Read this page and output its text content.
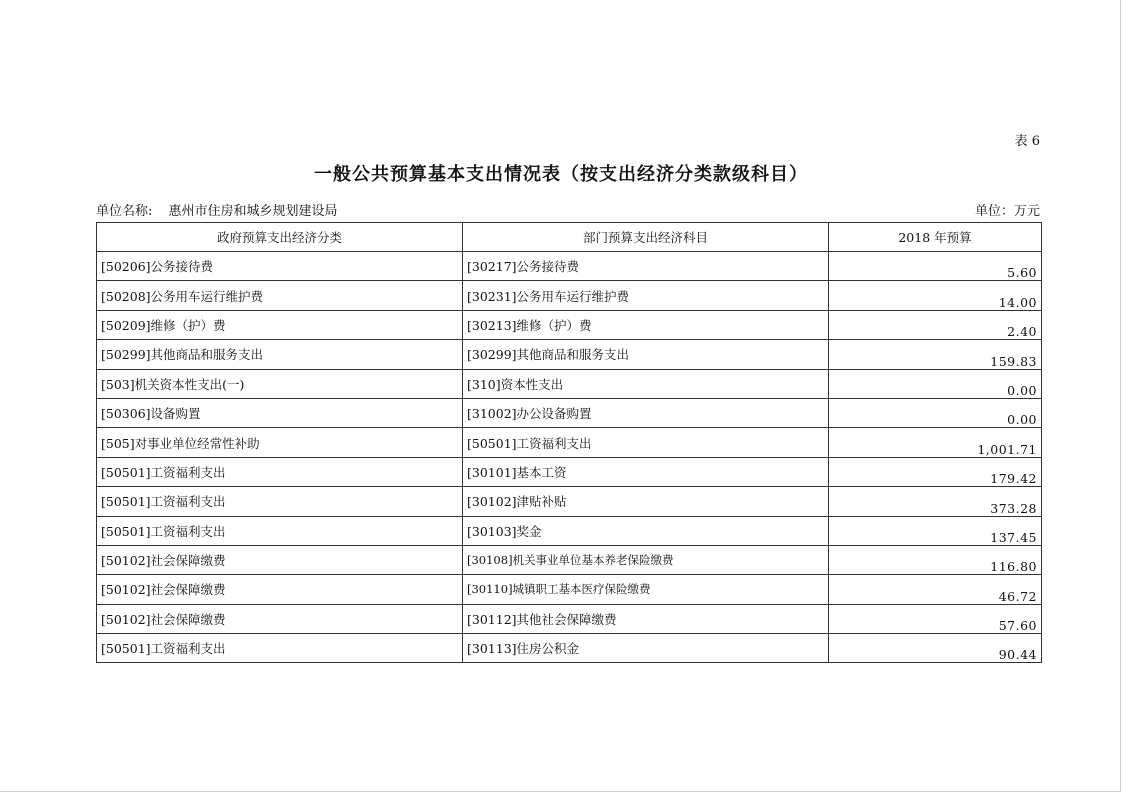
表 6
一般公共预算基本支出情况表（按支出经济分类款级科目）
单位名称: 惠州市住房和城乡规划建设局	单位：万元
政府预算支出经济分类	部门预算支出经济科目	2018 年预算
[50206]公务接待费	[30217]公务接待费	5.60
[50208]公务用车运行维护费	[30231]公务用车运行维护费	14.00
[50209]维修（护）费	[30213]维修（护）费	2.40
[50299]其他商品和服务支出	[30299]其他商品和服务支出	159.83
[503]机关资本性支出(一)	[310]资本性支出	0.00
[50306]设备购置	[31002]办公设备购置	0.00
[505]对事业单位经常性补助	[50501]工资福利支出	1,001.71
[50501]工资福利支出	[30101]基本工资	179.42
[50501]工资福利支出	[30102]津贴补贴	373.28
[50501]工资福利支出	[30103]奖金	137.45
[50102]社会保障缴费	[30108]机关事业单位基本养老保险缴费	116.80
[50102]社会保障缴费	[30110]城镇职工基本医疗保险缴费	46.72
[50102]社会保障缴费	[30112]其他社会保障缴费	57.60
[50501]工资福利支出	[30113]住房公积金	90.44
